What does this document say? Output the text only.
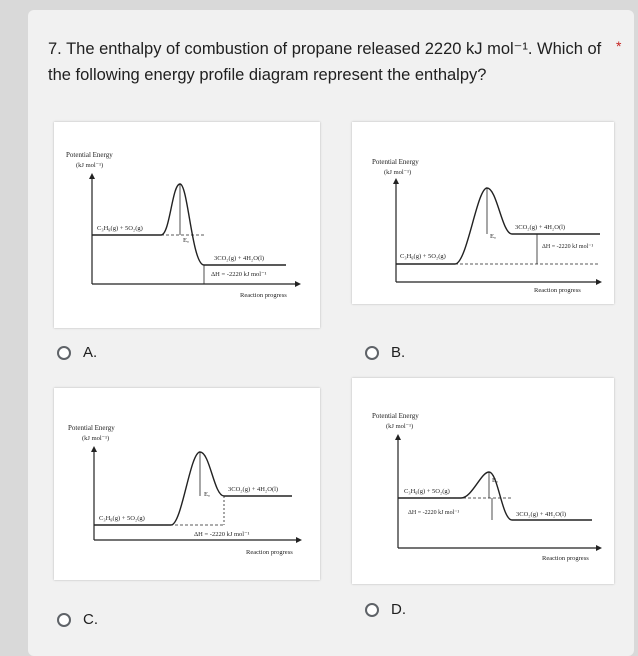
7. The enthalpy of combustion of propane released 2220 kJ mol⁻¹. Which of the following energy profile diagram represent the enthalpy?
*
Potential Energy
(kJ mol⁻¹)
Eₐ
C₃H₈(g) + 5O₂(g)
3CO₂(g) + 4H₂O(l)
ΔH = -2220 kJ mol⁻¹
Reaction progress
Potential Energy
(kJ mol⁻¹)
Eₐ
C₃H₈(g) + 5O₂(g)
3CO₂(g) + 4H₂O(l)
ΔH = -2220 kJ mol⁻¹
Reaction progress
Potential Energy
(kJ mol⁻¹)
Eₐ
C₃H₈(g) + 5O₂(g)
3CO₂(g) + 4H₂O(l)
ΔH = -2220 kJ mol⁻¹
Reaction progress
Potential Energy
(kJ mol⁻¹)
Eₐ
C₃H₈(g) + 5O₂(g)
3CO₂(g) + 4H₂O(l)
ΔH = -2220 kJ mol⁻¹
Reaction progress
A.	B.
C.
D.
